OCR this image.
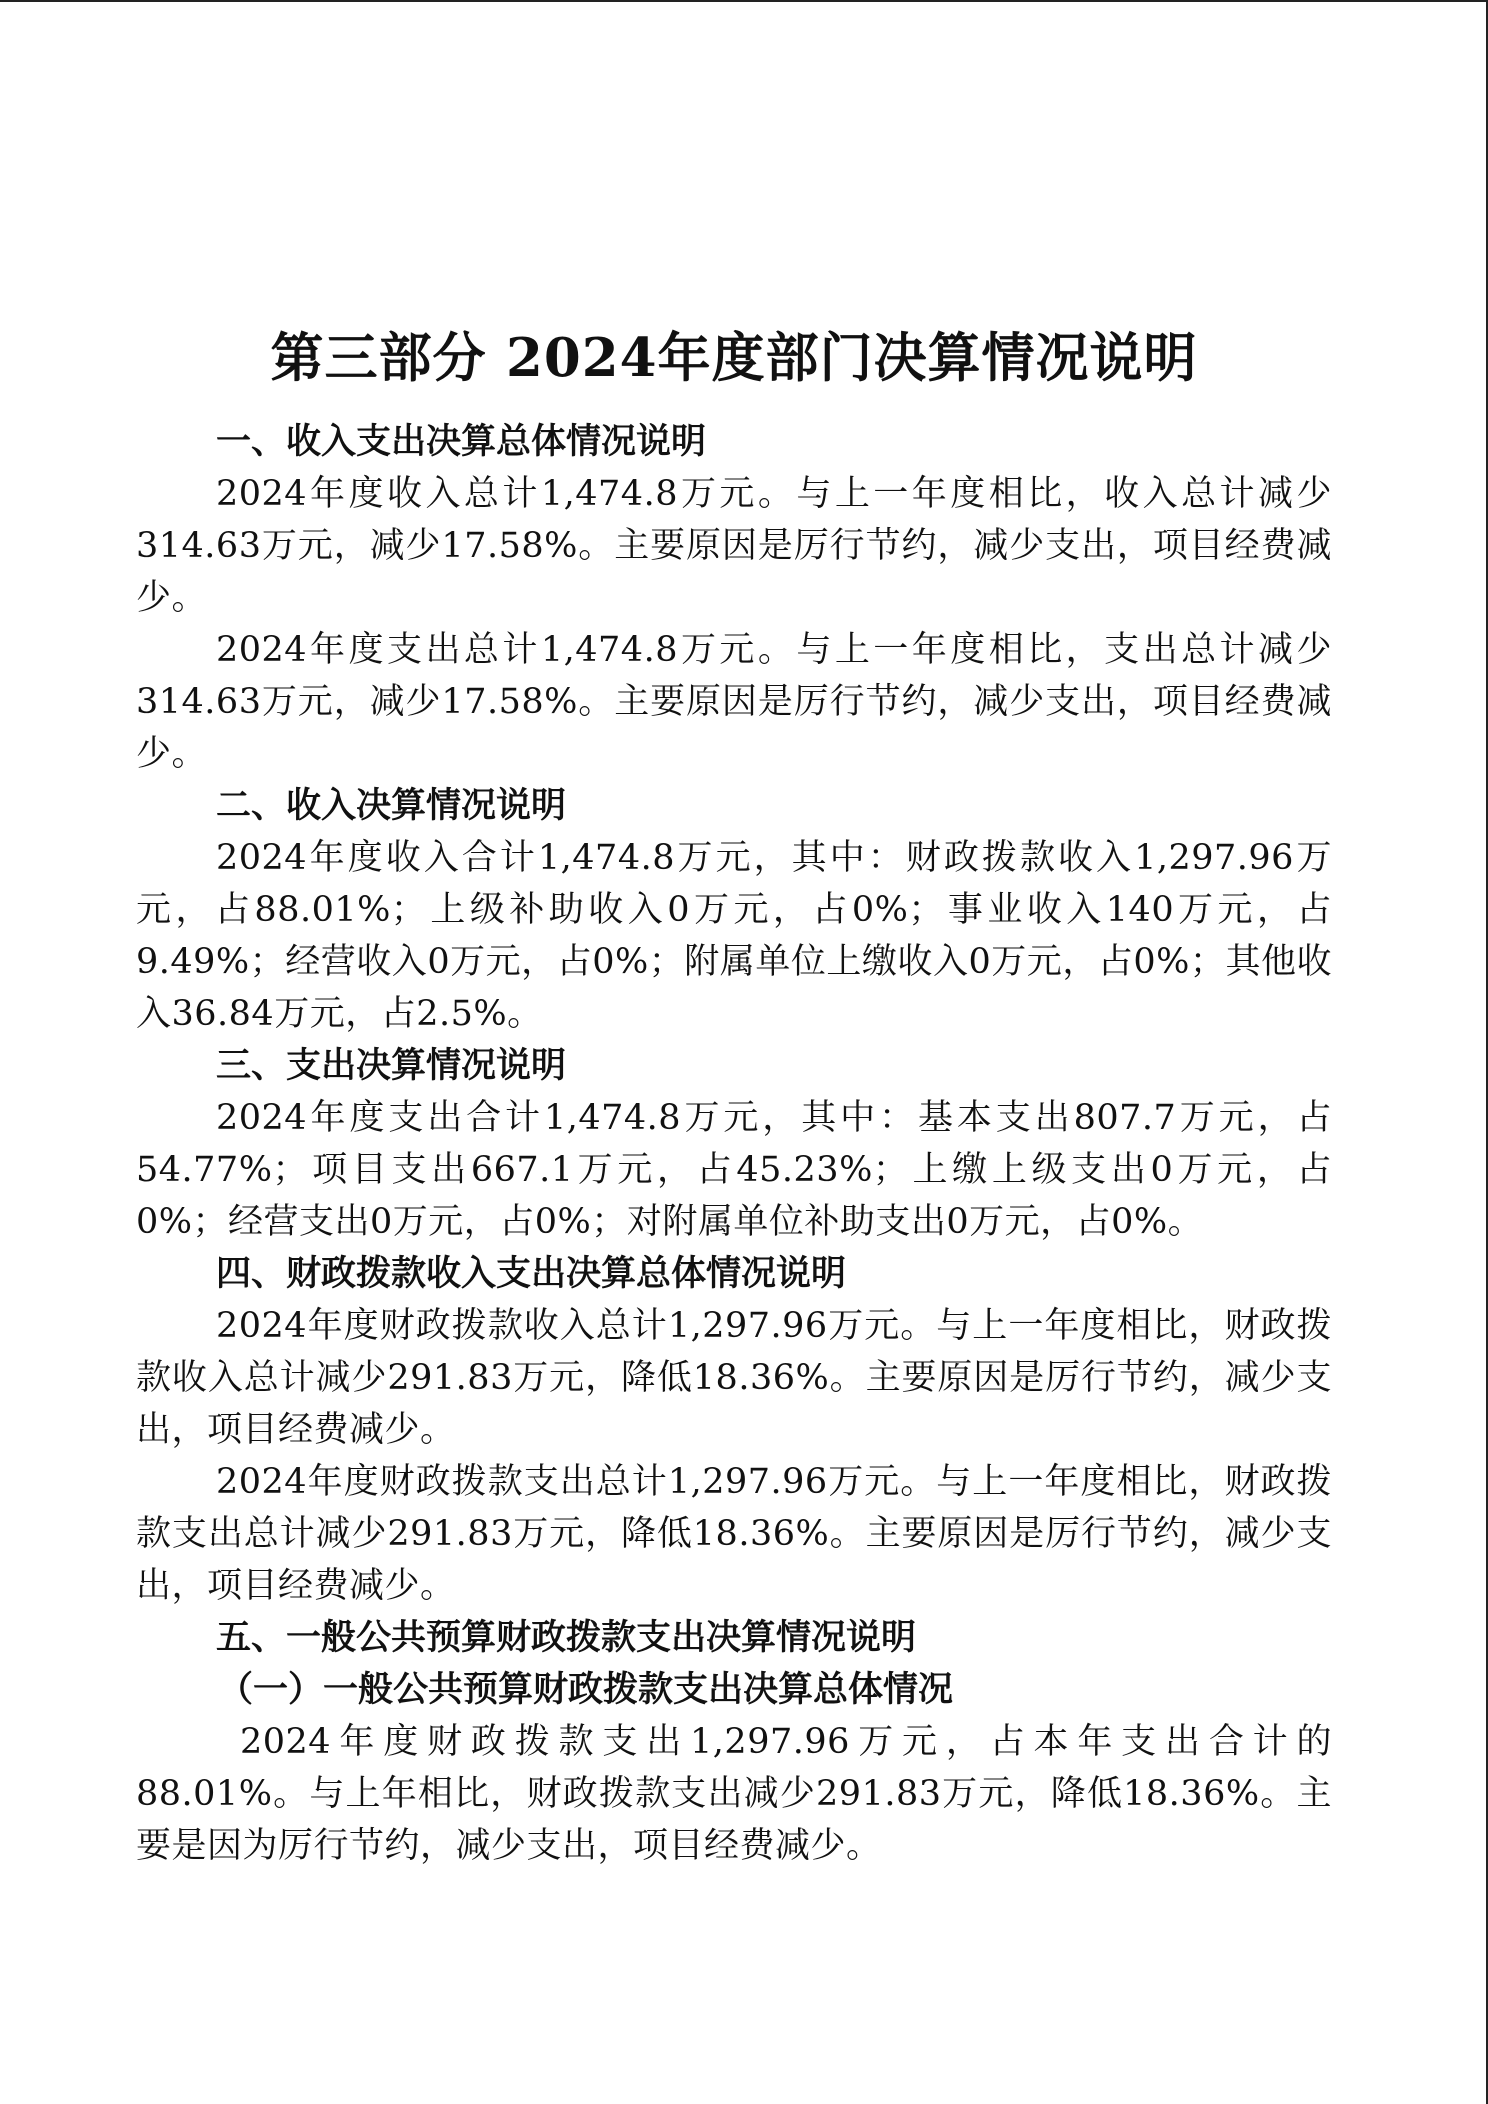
第三部分 2024年度部门决算情况说明
一、收入支出决算总体情况说明

2024年度收入总计1,474.8万元。与上一年度相比，收入总计减少314.63万元，减少17.58%。主要原因是厉行节约，减少支出，项目经费减少。

2024年度支出总计1,474.8万元。与上一年度相比，支出总计减少314.63万元，减少17.58%。主要原因是厉行节约，减少支出，项目经费减少。

二、收入决算情况说明

2024年度收入合计1,474.8万元，其中：财政拨款收入1,297.96万元，占88.01%；上级补助收入0万元，占0%；事业收入140万元，占9.49%；经营收入0万元，占0%；附属单位上缴收入0万元，占0%；其他收入36.84万元，占2.5%。

三、支出决算情况说明

2024年度支出合计1,474.8万元，其中：基本支出807.7万元，占54.77%；项目支出667.1万元，占45.23%；上缴上级支出0万元，占0%；经营支出0万元，占0%；对附属单位补助支出0万元，占0%。

四、财政拨款收入支出决算总体情况说明

2024年度财政拨款收入总计1,297.96万元。与上一年度相比，财政拨款收入总计减少291.83万元，降低18.36%。主要原因是厉行节约，减少支出，项目经费减少。

2024年度财政拨款支出总计1,297.96万元。与上一年度相比，财政拨款支出总计减少291.83万元，降低18.36%。主要原因是厉行节约，减少支出，项目经费减少。

五、一般公共预算财政拨款支出决算情况说明
（一）一般公共预算财政拨款支出决算总体情况

2024年度财政拨款支出1,297.96万元，占本年支出合计的88.01%。与上年相比，财政拨款支出减少291.83万元，降低18.36%。主要是因为厉行节约，减少支出，项目经费减少。
